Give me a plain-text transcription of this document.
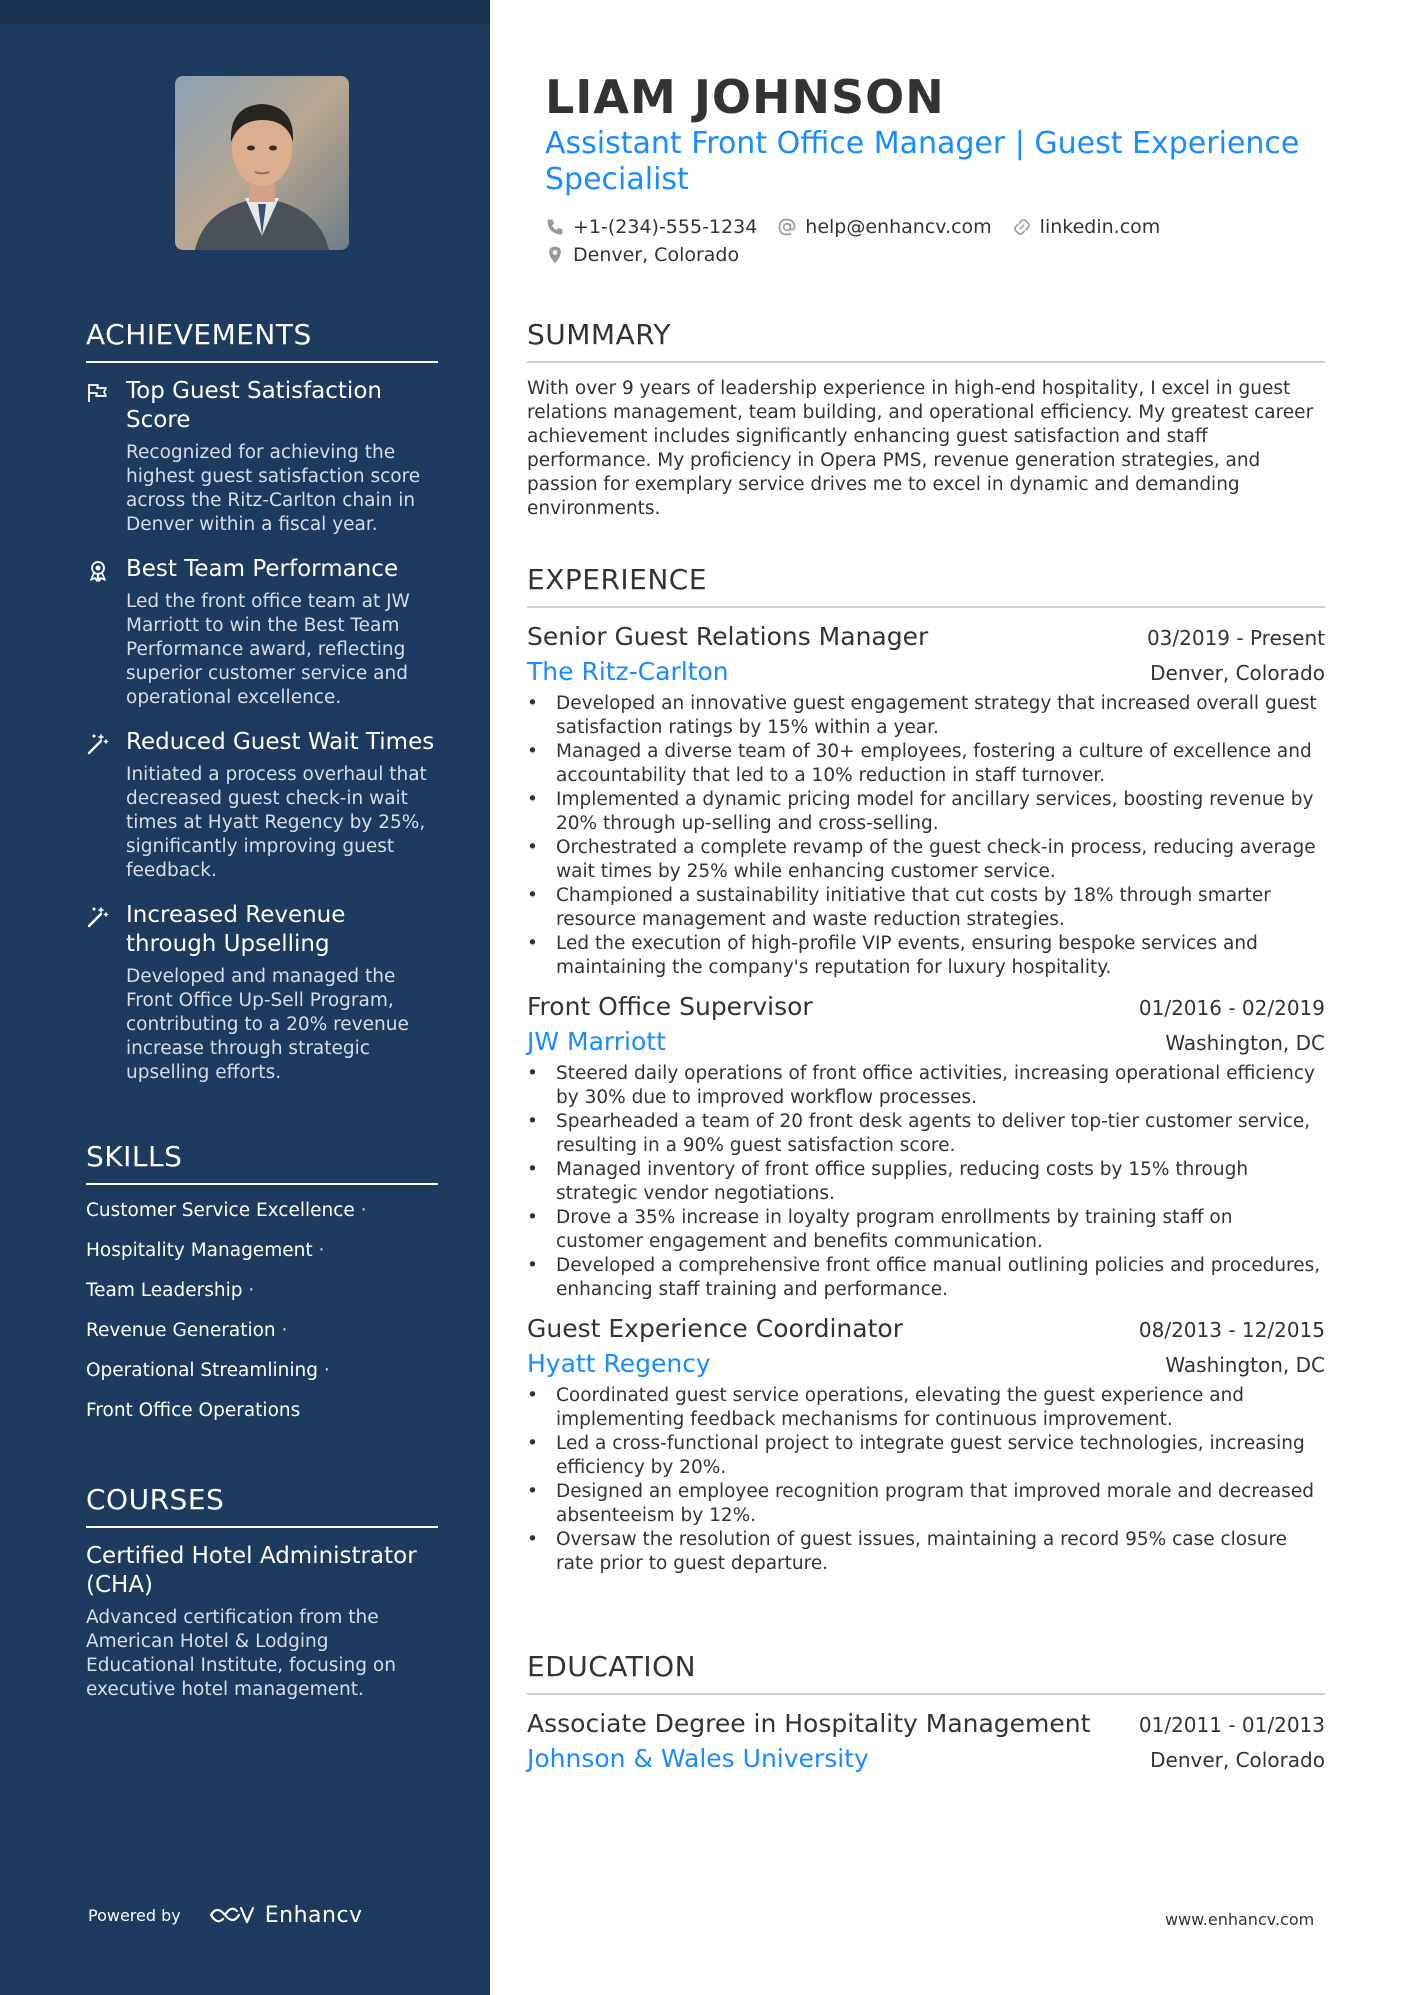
ACHIEVEMENTS
Top Guest Satisfaction Score
Recognized for achieving the highest guest satisfaction score across the Ritz-Carlton chain in Denver within a fiscal year.
Best Team Performance
Led the front office team at JW Marriott to win the Best Team Performance award, reflecting superior customer service and operational excellence.
Reduced Guest Wait Times
Initiated a process overhaul that decreased guest check-in wait times at Hyatt Regency by 25%, significantly improving guest feedback.
Increased Revenue through Upselling
Developed and managed the Front Office Up-Sell Program, contributing to a 20% revenue increase through strategic upselling efforts.
SKILLS
Customer Service Excellence ·
Hospitality Management ·
Team Leadership ·
Revenue Generation ·
Operational Streamlining ·
Front Office Operations
COURSES
Certified Hotel Administrator (CHA)
Advanced certification from the American Hotel & Lodging Educational Institute, focusing on executive hotel management.
Powered by	Enhancv
LIAM JOHNSON
Assistant Front Office Manager | Guest Experience Specialist
+1-(234)-555-1234	help@enhancv.com	linkedin.com
Denver, Colorado
SUMMARY
With over 9 years of leadership experience in high-end hospitality, I excel in guest relations management, team building, and operational efficiency. My greatest career achievement includes significantly enhancing guest satisfaction and staff performance. My proficiency in Opera PMS, revenue generation strategies, and passion for exemplary service drives me to excel in dynamic and demanding environments.
EXPERIENCE
Senior Guest Relations Manager	03/2019 - Present
The Ritz-Carlton	Denver, Colorado
• Developed an innovative guest engagement strategy that increased overall guest satisfaction ratings by 15% within a year.
• Managed a diverse team of 30+ employees, fostering a culture of excellence and accountability that led to a 10% reduction in staff turnover.
• Implemented a dynamic pricing model for ancillary services, boosting revenue by 20% through up-selling and cross-selling.
• Orchestrated a complete revamp of the guest check-in process, reducing average wait times by 25% while enhancing customer service.
• Championed a sustainability initiative that cut costs by 18% through smarter resource management and waste reduction strategies.
• Led the execution of high-profile VIP events, ensuring bespoke services and maintaining the company's reputation for luxury hospitality.
Front Office Supervisor	01/2016 - 02/2019
JW Marriott	Washington, DC
• Steered daily operations of front office activities, increasing operational efficiency by 30% due to improved workflow processes.
• Spearheaded a team of 20 front desk agents to deliver top-tier customer service, resulting in a 90% guest satisfaction score.
• Managed inventory of front office supplies, reducing costs by 15% through strategic vendor negotiations.
• Drove a 35% increase in loyalty program enrollments by training staff on customer engagement and benefits communication.
• Developed a comprehensive front office manual outlining policies and procedures, enhancing staff training and performance.
Guest Experience Coordinator	08/2013 - 12/2015
Hyatt Regency	Washington, DC
• Coordinated guest service operations, elevating the guest experience and implementing feedback mechanisms for continuous improvement.
• Led a cross-functional project to integrate guest service technologies, increasing efficiency by 20%.
• Designed an employee recognition program that improved morale and decreased absenteeism by 12%.
• Oversaw the resolution of guest issues, maintaining a record 95% case closure rate prior to guest departure.
EDUCATION
Associate Degree in Hospitality Management 01/2011 - 01/2013
Johnson & Wales University	Denver, Colorado
www.enhancv.com
